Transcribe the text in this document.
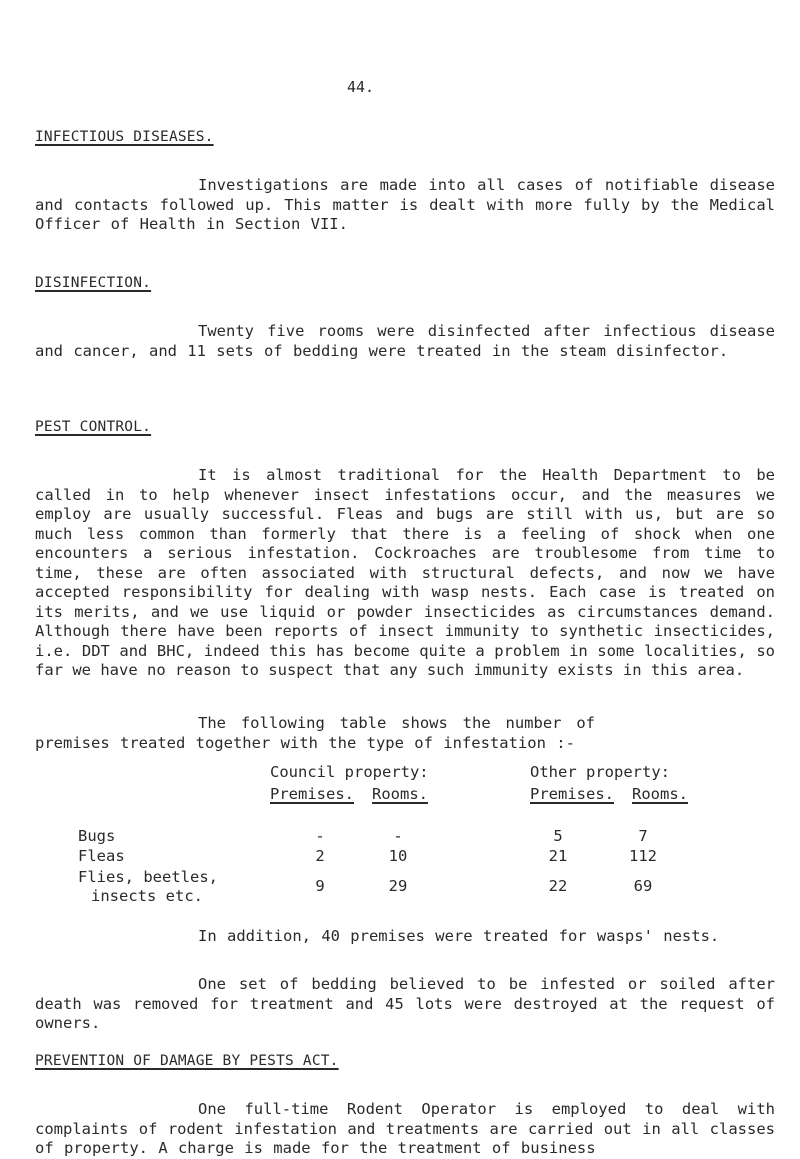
44.
INFECTIOUS DISEASES.

Investigations are made into all cases of notifiable disease and contacts followed up. This matter is dealt with more fully by the Medical Officer of Health in Section VII.

DISINFECTION.

Twenty five rooms were disinfected after infectious disease and cancer, and 11 sets of bedding were treated in the steam disinfector.

PEST CONTROL.

It is almost traditional for the Health Department to be called in to help whenever insect infestations occur, and the measures we employ are usually successful. Fleas and bugs are still with us, but are so much less common than formerly that there is a feeling of shock when one encounters a serious infestation. Cockroaches are troublesome from time to time, these are often associated with structural defects, and now we have accepted responsibility for dealing with wasp nests. Each case is treated on its merits, and we use liquid or powder insecticides as circumstances demand. Although there have been reports of insect immunity to synthetic insecticides, i.e. DDT and BHC, indeed this has become quite a problem in some localities, so far we have no reason to suspect that any such immunity exists in this area.

The following table shows the number of premises treated together with the type of infestation :-

Council property:	Other property:
Premises. Rooms.	Premises. Rooms.
Bugs	-	-	5	7
Fleas	2	10	21	112
Flies, beetles,
insects etc.
9	29	22	69

In addition, 40 premises were treated for wasps' nests.

One set of bedding believed to be infested or soiled after death was removed for treatment and 45 lots were destroyed at the request of owners.

PREVENTION OF DAMAGE BY PESTS ACT.

One full-time Rodent Operator is employed to deal with complaints of rodent infestation and treatments are carried out in all classes of property. A charge is made for the treatment of business
